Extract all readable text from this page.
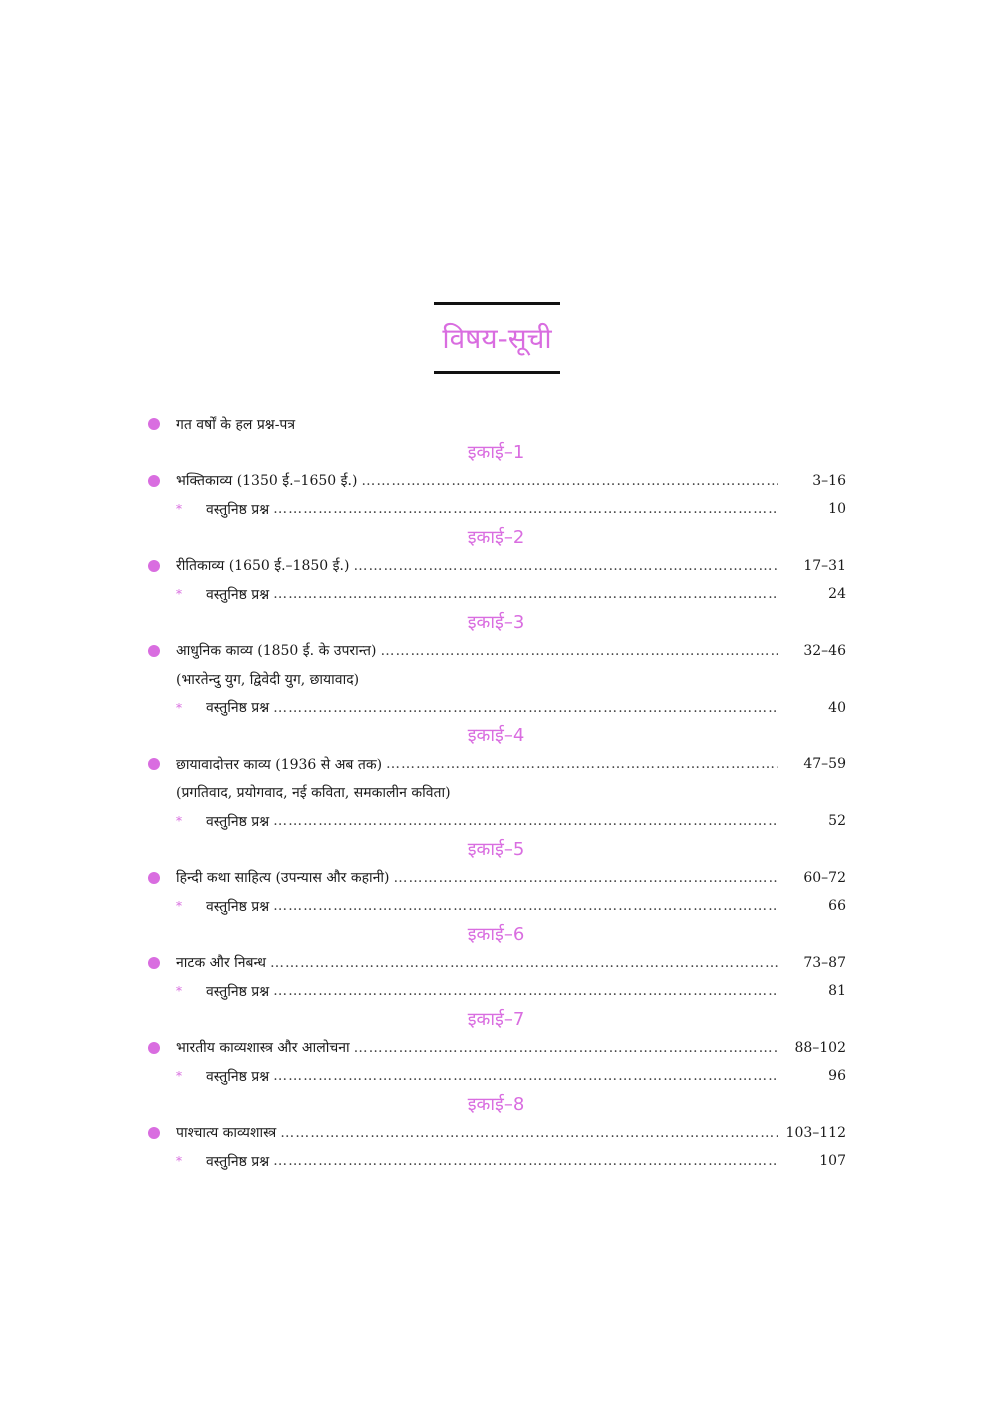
विषय-सूची
गत वर्षों के हल प्रश्न-पत्र
इकाई–1
भक्तिकाव्य (1350 ई.–1650 ई.) ……………………………………………………………………………………………………………………………………………………	3–16
*	वस्तुनिष्ठ प्रश्न ……………………………………………………………………………………………………………………………………………………	10
इकाई–2
रीतिकाव्य (1650 ई.–1850 ई.) ……………………………………………………………………………………………………………………………………………………	17–31
*	वस्तुनिष्ठ प्रश्न ……………………………………………………………………………………………………………………………………………………	24
इकाई–3
आधुनिक काव्य (1850 ई. के उपरान्त) ……………………………………………………………………………………………………………………………………………………	32–46
(भारतेन्दु युग, द्विवेदी युग, छायावाद)
*	वस्तुनिष्ठ प्रश्न ……………………………………………………………………………………………………………………………………………………	40
इकाई–4
छायावादोत्तर काव्य (1936 से अब तक) ……………………………………………………………………………………………………………………………………………………	47–59
(प्रगतिवाद, प्रयोगवाद, नई कविता, समकालीन कविता)
*	वस्तुनिष्ठ प्रश्न ……………………………………………………………………………………………………………………………………………………	52
इकाई–5
हिन्दी कथा साहित्य (उपन्यास और कहानी) ……………………………………………………………………………………………………………………………………………………	60–72
*	वस्तुनिष्ठ प्रश्न ……………………………………………………………………………………………………………………………………………………	66
इकाई–6
नाटक और निबन्ध ……………………………………………………………………………………………………………………………………………………	73–87
*	वस्तुनिष्ठ प्रश्न ……………………………………………………………………………………………………………………………………………………	81
इकाई–7
भारतीय काव्यशास्त्र और आलोचना ……………………………………………………………………………………………………………………………………………………	88–102
*	वस्तुनिष्ठ प्रश्न ……………………………………………………………………………………………………………………………………………………	96
इकाई–8
पाश्चात्य काव्यशास्त्र ……………………………………………………………………………………………………………………………………………………	103–112
*	वस्तुनिष्ठ प्रश्न ……………………………………………………………………………………………………………………………………………………	107
